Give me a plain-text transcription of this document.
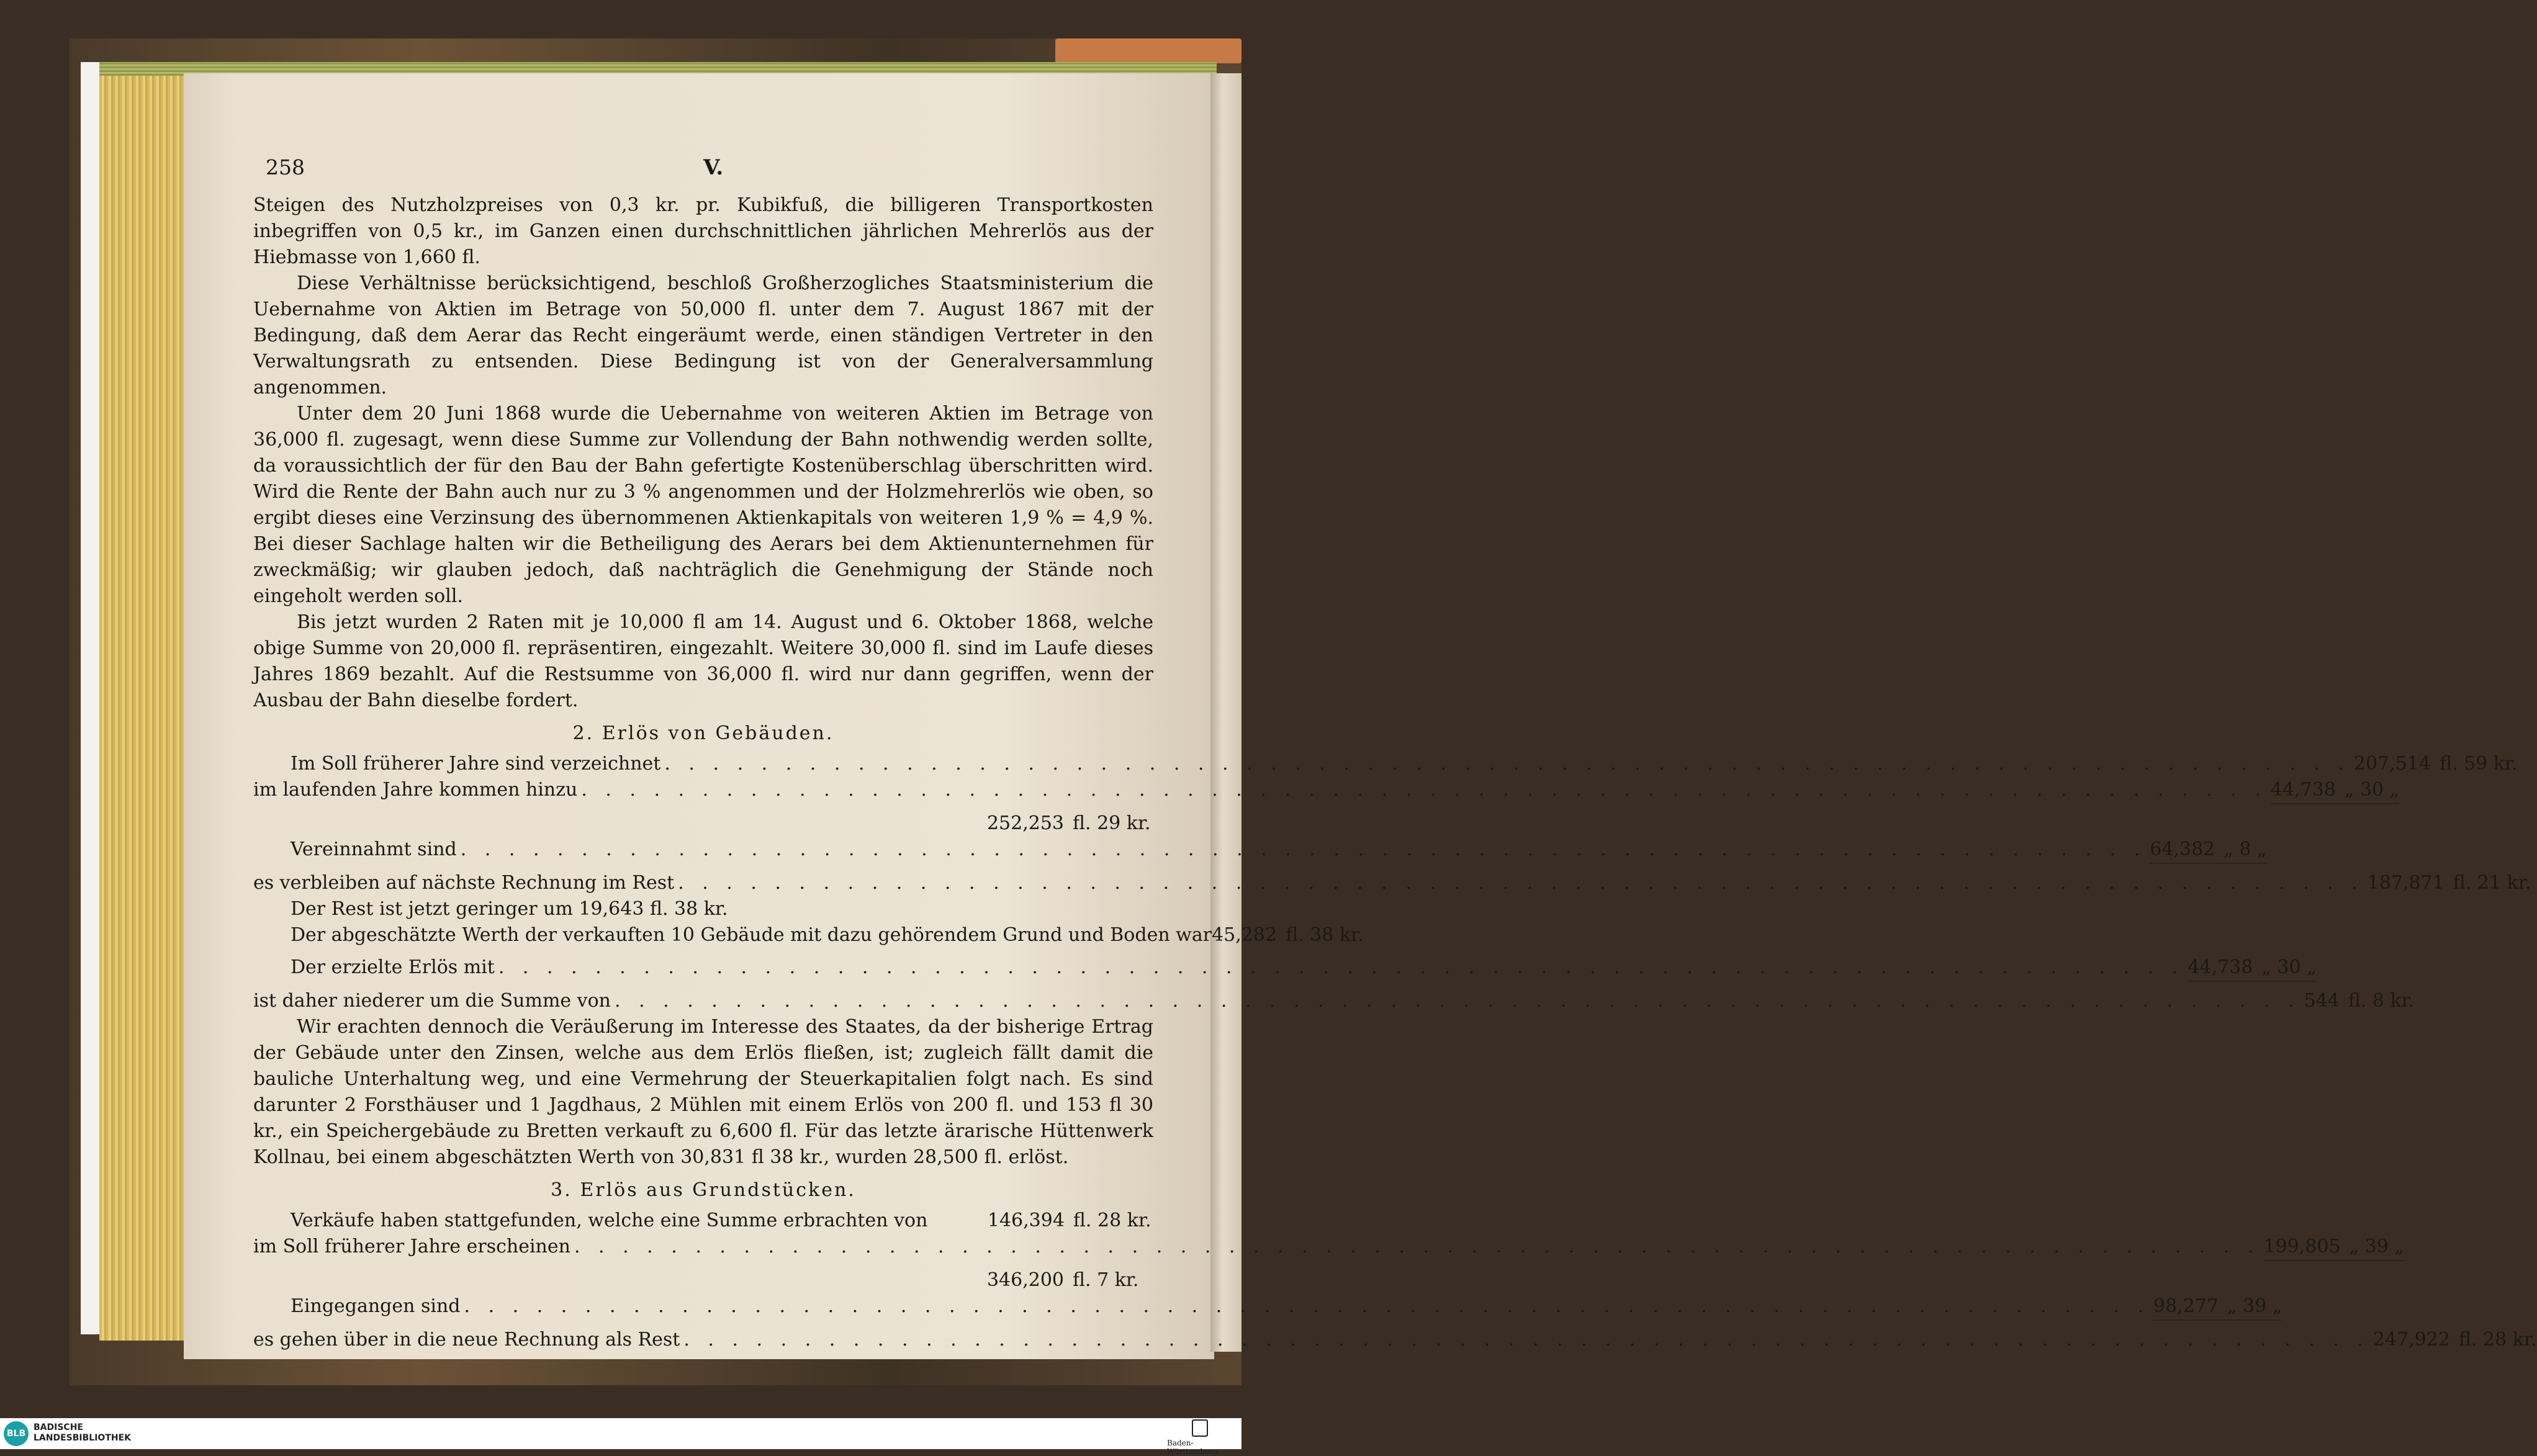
258	V.

Steigen des Nutzholzpreises von 0,3 kr. pr. Kubikfuß, die billigeren Transportkosten inbegriffen von 0,5 kr., im Ganzen einen durchschnittlichen jährlichen Mehrerlös aus der Hiebmasse von 1,660 fl.

Diese Verhältnisse berücksichtigend, beschloß Großherzogliches Staatsministerium die Uebernahme von Aktien im Betrage von 50,000 fl. unter dem 7. August 1867 mit der Bedingung, daß dem Aerar das Recht eingeräumt werde, einen ständigen Vertreter in den Verwaltungsrath zu entsenden. Diese Bedingung ist von der Generalversammlung angenommen.

Unter dem 20 Juni 1868 wurde die Uebernahme von weiteren Aktien im Betrage von 36,000 fl. zugesagt, wenn diese Summe zur Vollendung der Bahn nothwendig werden sollte, da voraussichtlich der für den Bau der Bahn gefertigte Kostenüberschlag überschritten wird. Wird die Rente der Bahn auch nur zu 3 % angenommen und der Holzmehrerlös wie oben, so ergibt dieses eine Verzinsung des übernommenen Aktienkapitals von weiteren 1,9 % = 4,9 %. Bei dieser Sachlage halten wir die Betheiligung des Aerars bei dem Aktienunternehmen für zweckmäßig; wir glauben jedoch, daß nachträglich die Genehmigung der Stände noch eingeholt werden soll.

Bis jetzt wurden 2 Raten mit je 10,000 fl am 14. August und 6. Oktober 1868, welche obige Summe von 20,000 fl. repräsentiren, eingezahlt. Weitere 30,000 fl. sind im Laufe dieses Jahres 1869 bezahlt. Auf die Restsumme von 36,000 fl. wird nur dann gegriffen, wenn der Ausbau der Bahn dieselbe fordert.

2. Erlös von Gebäuden.
Im Soll früherer Jahre sind verzeichnet . . .	207,514 fl. 59 kr.
im laufenden Jahre kommen hinzu . . .	44,738 „ 30 „
252,253 fl. 29 kr.
Vereinnahmt sind . . .	64,382 „ 8 „
es verbleiben auf nächste Rechnung im Rest . . .	187,871 fl. 21 kr.

Der Rest ist jetzt geringer um 19,643 fl. 38 kr.

Der abgeschätzte Werth der verkauften 10 Gebäude mit dazu gehörendem Grund und Boden war 45,282 fl. 38 kr.
Der erzielte Erlös mit . . .	44,738 „ 30 „
ist daher niederer um die Summe von . . .	544 fl. 8 kr.

Wir erachten dennoch die Veräußerung im Interesse des Staates, da der bisherige Ertrag der Gebäude unter den Zinsen, welche aus dem Erlös fließen, ist; zugleich fällt damit die bauliche Unterhaltung weg, und eine Vermehrung der Steuerkapitalien folgt nach. Es sind darunter 2 Forsthäuser und 1 Jagdhaus, 2 Mühlen mit einem Erlös von 200 fl. und 153 fl 30 kr., ein Speichergebäude zu Bretten verkauft zu 6,600 fl. Für das letzte ärarische Hüttenwerk Kollnau, bei einem abgeschätzten Werth von 30,831 fl 38 kr., wurden 28,500 fl. erlöst.

3. Erlös aus Grundstücken.
Verkäufe haben stattgefunden, welche eine Summe erbrachten von	146,394 fl. 28 kr.
im Soll früherer Jahre erscheinen . . .	199,805 „ 39 „
346,200 fl. 7 kr.
Eingegangen sind . . .	98,277 „ 39 „
es gehen über in die neue Rechnung als Rest . . .	247,922 fl. 28 kr.
BLB
BADISCHE
LANDESBIBLIOTHEK	Baden-Württemberg
